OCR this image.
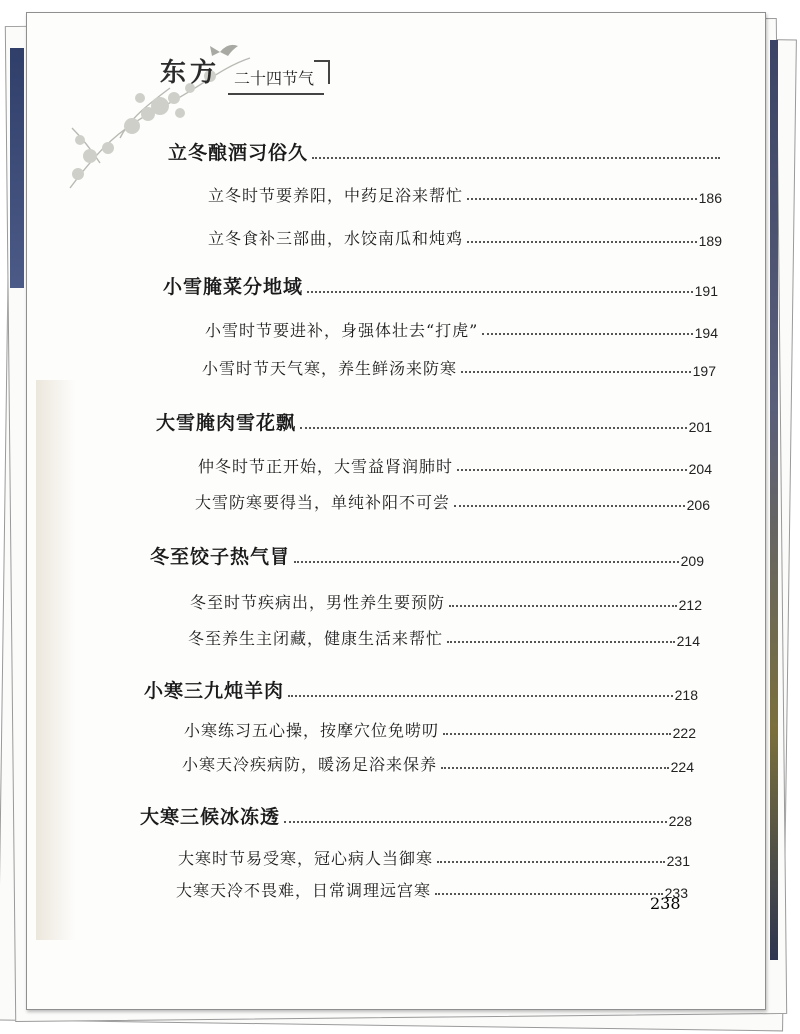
东方 二十四节气
立冬酿酒习俗久
立冬时节要养阳，中药足浴来帮忙	186
立冬食补三部曲，水饺南瓜和炖鸡	189
小雪腌菜分地域	191
小雪时节要进补，身强体壮去“打虎”	194
小雪时节天气寒，养生鲜汤来防寒	197
大雪腌肉雪花飘	201
仲冬时节正开始，大雪益肾润肺时	204
大雪防寒要得当，单纯补阳不可尝	206
冬至饺子热气冒	209
冬至时节疾病出，男性养生要预防	212
冬至养生主闭藏，健康生活来帮忙	214
小寒三九炖羊肉	218
小寒练习五心操，按摩穴位免唠叨	222
小寒天冷疾病防，暖汤足浴来保养	224
大寒三候冰冻透	228
大寒时节易受寒，冠心病人当御寒	231
大寒天冷不畏难，日常调理远宫寒	233
238
